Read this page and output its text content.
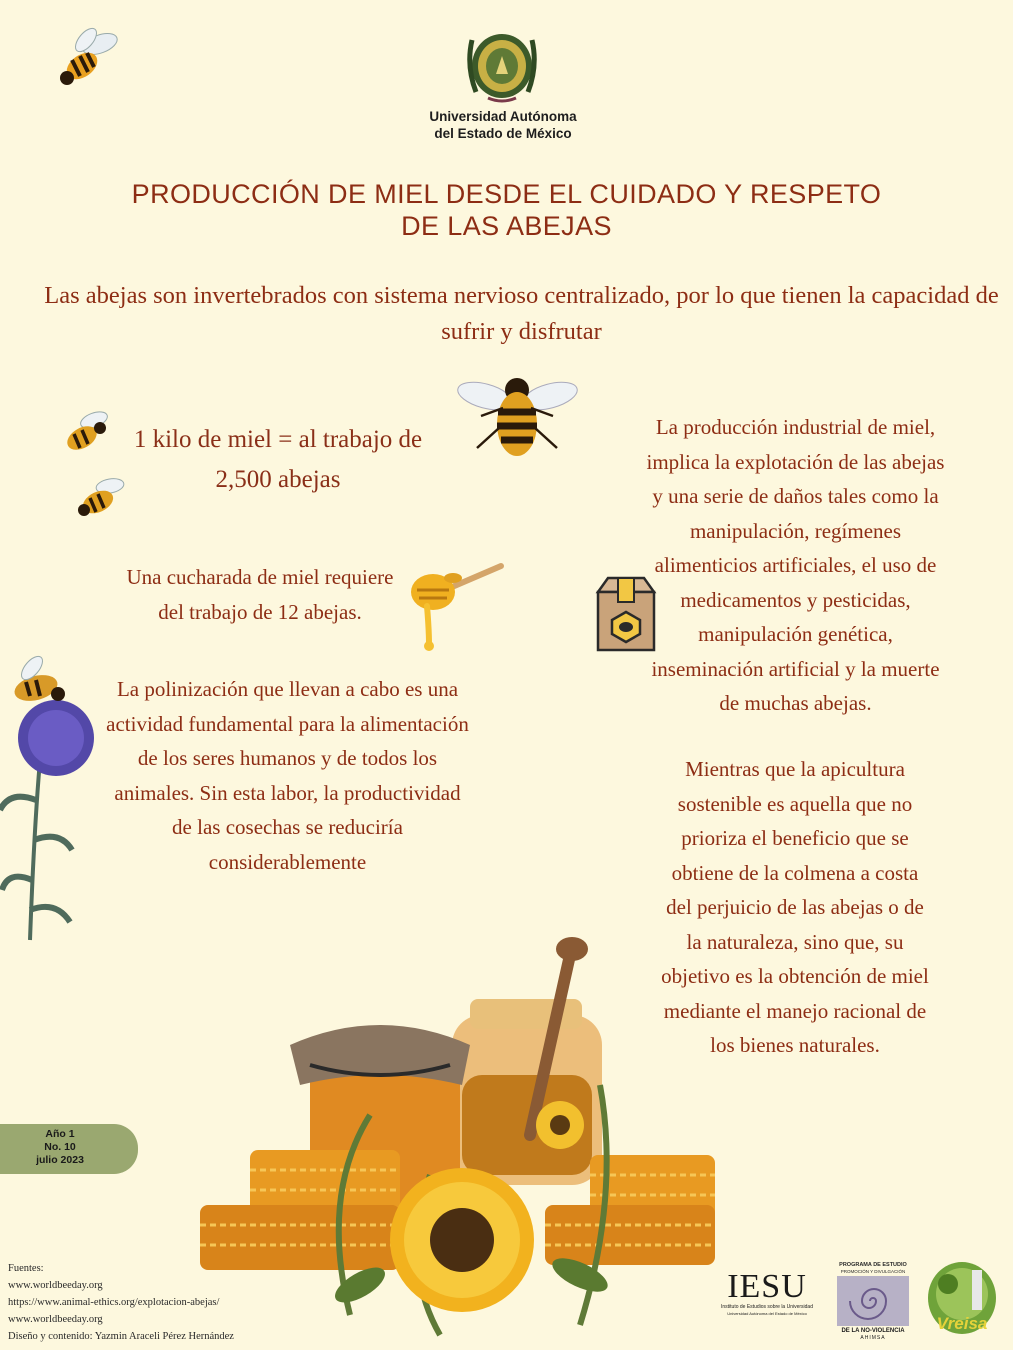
Universidad Autónoma
del Estado de México
PRODUCCIÓN DE MIEL DESDE EL CUIDADO Y RESPETO
DE LAS ABEJAS
Las abejas son invertebrados con sistema nervioso centralizado, por lo que tienen la capacidad de sufrir y disfrutar
1 kilo de miel = al trabajo de
2,500 abejas
Una cucharada de miel requiere
del trabajo de 12 abejas.
La polinización que llevan a cabo es una
actividad fundamental para la alimentación
de los seres humanos y de todos los
animales. Sin esta labor, la productividad
de las cosechas se reduciría
considerablemente
La producción industrial de miel,
implica la explotación de las abejas
y una serie de daños tales como la
manipulación, regímenes
alimenticios artificiales, el uso de
medicamentos y pesticidas,
manipulación genética,
inseminación artificial y la muerte
de muchas abejas.
Mientras que la apicultura
sostenible es aquella que no
prioriza el beneficio que se
obtiene de la colmena a costa
del perjuicio de las abejas o de
la naturaleza, sino que, su
objetivo es la obtención de miel
mediante el manejo racional de
los bienes naturales.
Año 1
No. 10
julio 2023
Fuentes:
www.worldbeeday.org
https://www.animal-ethics.org/explotacion-abejas/
www.worldbeeday.org
Diseño y contenido: Yazmin Araceli Pérez Hernández
IESU
Instituto de Estudios sobre la Universidad
Universidad Autónoma del Estado de México
PROGRAMA DE ESTUDIO
PROMOCIÓN Y DIVULGACIÓN
DE LA NO-VIOLENCIA
AHIMSA
Vreisa
